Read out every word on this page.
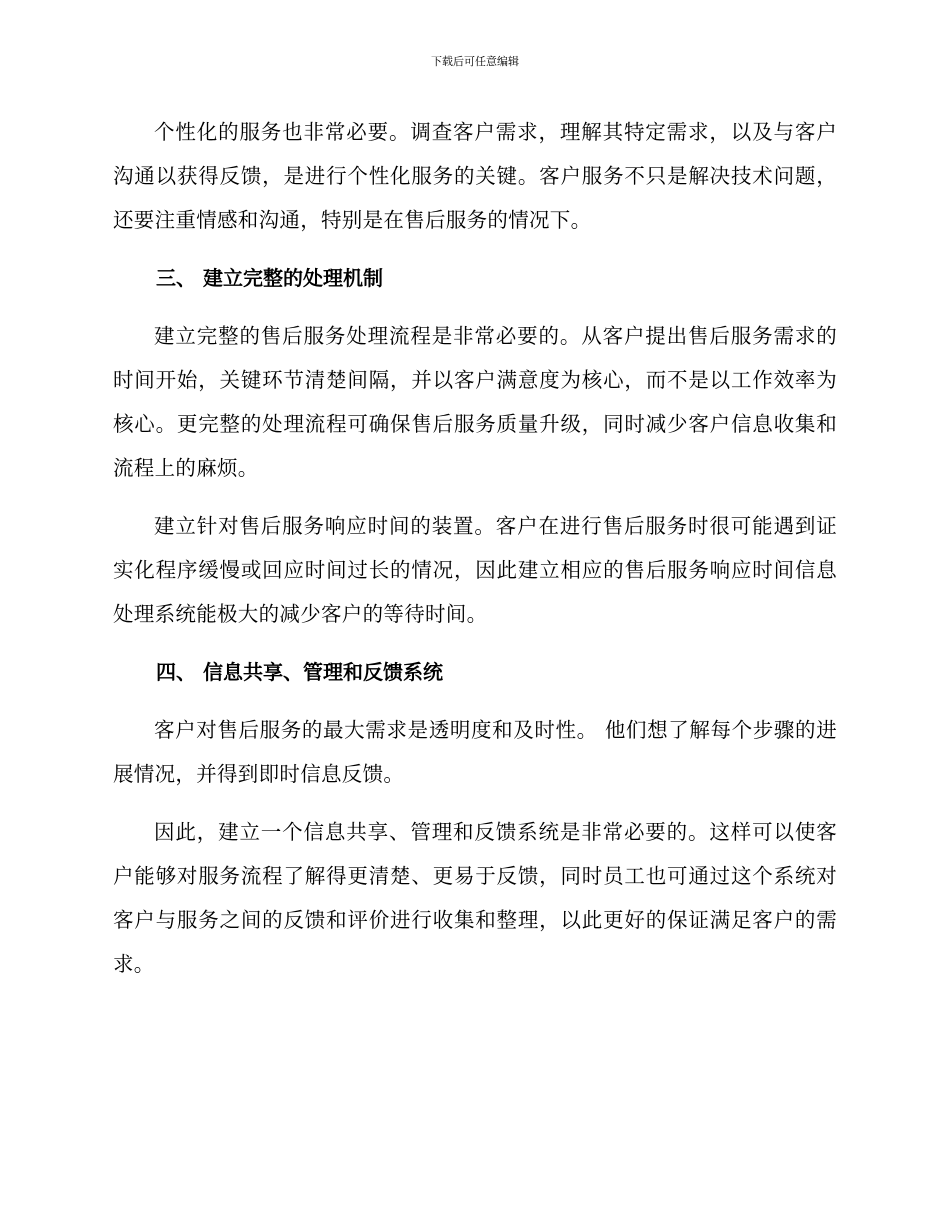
下载后可任意编辑

个性化的服务也非常必要。调查客户需求，理解其特定需求，以及与客户沟通以获得反馈，是进行个性化服务的关键。客户服务不只是解决技术问题，还要注重情感和沟通，特别是在售后服务的情况下。

三、 建立完整的处理机制

建立完整的售后服务处理流程是非常必要的。从客户提出售后服务需求的时间开始，关键环节清楚间隔，并以客户满意度为核心，而不是以工作效率为核心。更完整的处理流程可确保售后服务质量升级，同时减少客户信息收集和流程上的麻烦。

建立针对售后服务响应时间的装置。客户在进行售后服务时很可能遇到证实化程序缓慢或回应时间过长的情况，因此建立相应的售后服务响应时间信息处理系统能极大的减少客户的等待时间。

四、 信息共享、管理和反馈系统

客户对售后服务的最大需求是透明度和及时性。 他们想了解每个步骤的进展情况，并得到即时信息反馈。

因此，建立一个信息共享、管理和反馈系统是非常必要的。这样可以使客户能够对服务流程了解得更清楚、更易于反馈，同时员工也可通过这个系统对客户与服务之间的反馈和评价进行收集和整理，以此更好的保证满足客户的需求。
